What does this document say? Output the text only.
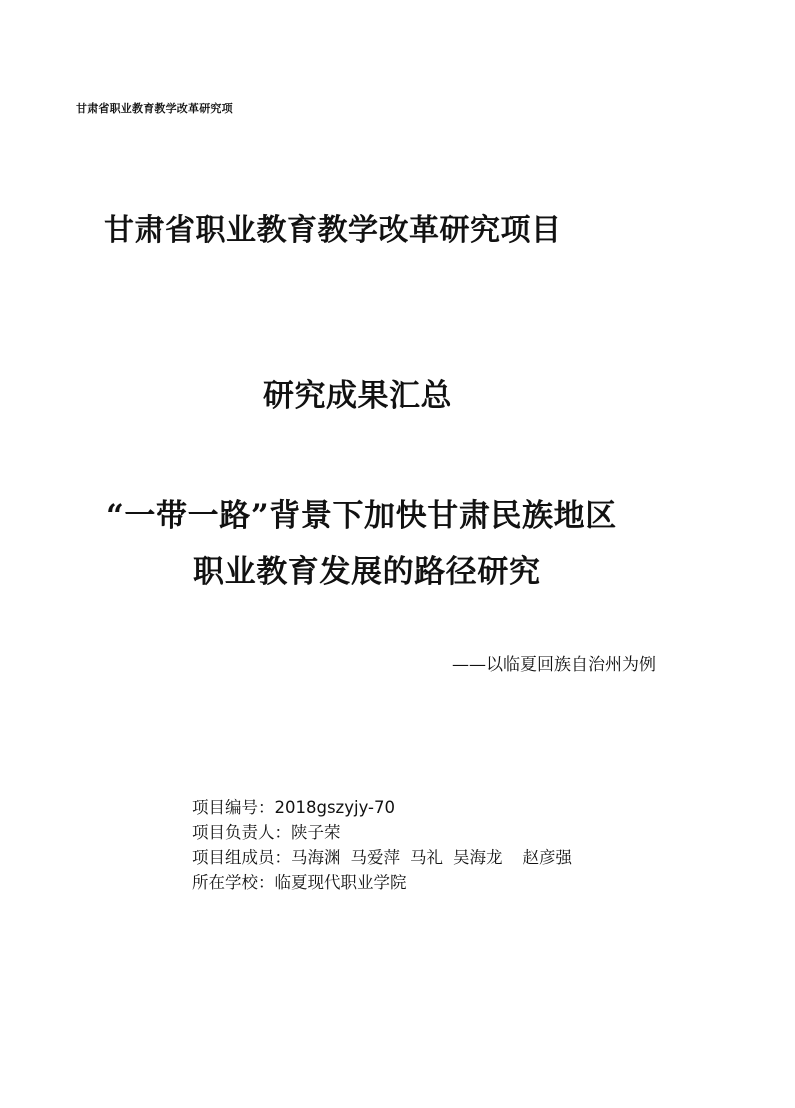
甘肃省职业教育教学改革研究项
甘肃省职业教育教学改革研究项目
研究成果汇总
“一带一路”背景下加快甘肃民族地区
职业教育发展的路径研究
——以临夏回族自治州为例
项目编号：2018gszyjy-70
项目负责人：陕子荣
项目组成员：马海渊 马爱萍 马礼 吴海龙 赵彦强
所在学校：临夏现代职业学院
